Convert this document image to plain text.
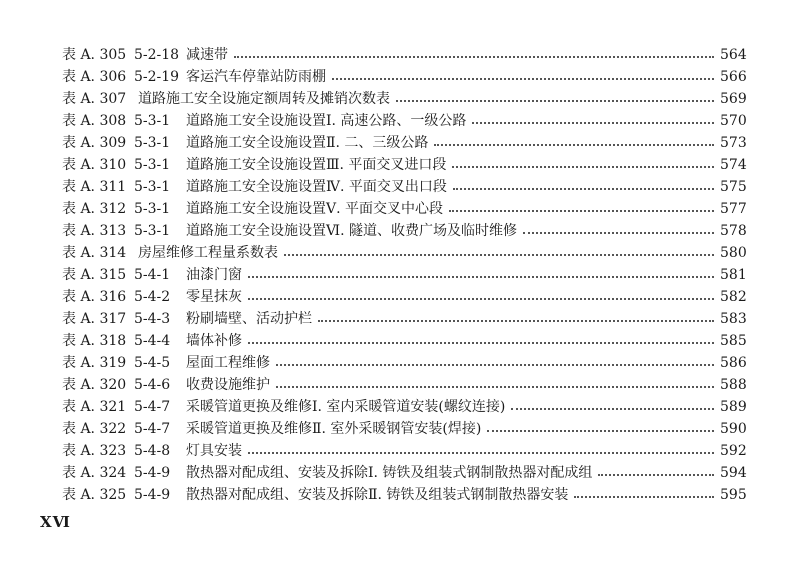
表 A. 305 5-2-18 减速带	564
表 A. 306 5-2-19 客运汽车停靠站防雨棚	566
表 A. 307 道路施工安全设施定额周转及摊销次数表	569
表 A. 308 5-3-1	道路施工安全设施设置Ⅰ. 高速公路、一级公路	570
表 A. 309 5-3-1	道路施工安全设施设置Ⅱ. 二、三级公路	573
表 A. 310 5-3-1	道路施工安全设施设置Ⅲ. 平面交叉进口段	574
表 A. 311 5-3-1	道路施工安全设施设置Ⅳ. 平面交叉出口段	575
表 A. 312 5-3-1	道路施工安全设施设置Ⅴ. 平面交叉中心段	577
表 A. 313 5-3-1	道路施工安全设施设置Ⅵ. 隧道、收费广场及临时维修	578
表 A. 314 房屋维修工程量系数表	580
表 A. 315 5-4-1	油漆门窗	581
表 A. 316 5-4-2	零星抹灰	582
表 A. 317 5-4-3	粉刷墙壁、活动护栏	583
表 A. 318 5-4-4	墙体补修	585
表 A. 319 5-4-5	屋面工程维修	586
表 A. 320 5-4-6	收费设施维护	588
表 A. 321 5-4-7	采暖管道更换及维修Ⅰ. 室内采暖管道安装(螺纹连接)	589
表 A. 322 5-4-7	采暖管道更换及维修Ⅱ. 室外采暖钢管安装(焊接)	590
表 A. 323 5-4-8	灯具安装	592
表 A. 324 5-4-9	散热器对配成组、安装及拆除Ⅰ. 铸铁及组装式钢制散热器对配成组	594
表 A. 325 5-4-9	散热器对配成组、安装及拆除Ⅱ. 铸铁及组装式钢制散热器安装	595
ⅩⅥ
